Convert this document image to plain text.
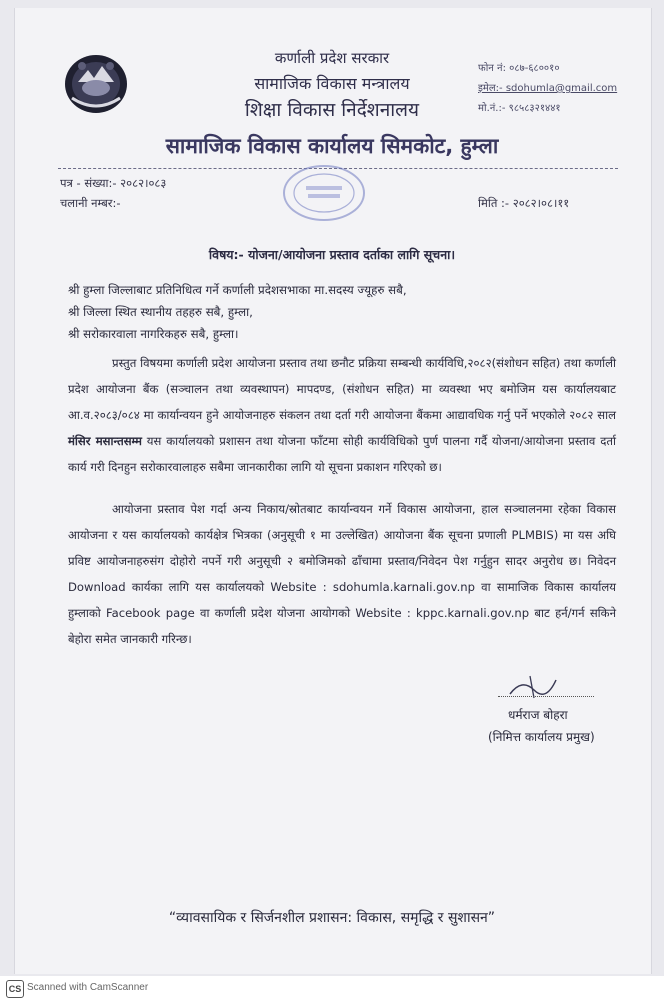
कर्णाली प्रदेश सरकार
सामाजिक विकास मन्त्रालय
शिक्षा विकास निर्देशनालय
सामाजिक विकास कार्यालय सिमकोट, हुम्ला
फोन नं: ०८७-६८००१०
इमेल:- sdohumla@gmail.com
मो.नं.:- ९८५८३२१४४१
पत्र - संख्या:- २०८२।०८३
चलानी नम्बर:-	मिति :- २०८२।०८।११
विषय:- योजना/आयोजना प्रस्ताव दर्ताका लागि सूचना।
श्री हुम्ला जिल्लाबाट प्रतिनिधित्व गर्ने कर्णाली प्रदेशसभाका मा.सदस्य ज्यूहरु सबै,
श्री जिल्ला स्थित स्थानीय तहहरु सबै, हुम्ला,
श्री सरोकारवाला नागरिकहरु सबै, हुम्ला।
प्रस्तुत विषयमा कर्णाली प्रदेश आयोजना प्रस्ताव तथा छनौट प्रक्रिया सम्बन्धी कार्यविधि,२०८२(संशोधन सहित) तथा कर्णाली प्रदेश आयोजना बैंक (सञ्चालन तथा व्यवस्थापन) मापदण्ड, (संशोधन सहित) मा व्यवस्था भए बमोजिम यस कार्यालयबाट आ.व.२०८३/०८४ मा कार्यान्वयन हुने आयोजनाहरु संकलन तथा दर्ता गरी आयोजना बैंकमा आद्यावधिक गर्नु पर्ने भएकोले २०८२ साल मंसिर मसान्तसम्म यस कार्यालयको प्रशासन तथा योजना फाँटमा सोही कार्यविधिको पुर्ण पालना गर्दै योजना/आयोजना प्रस्ताव दर्ता कार्य गरी दिनहुन सरोकारवालाहरु सबैमा जानकारीका लागि यो सूचना प्रकाशन गरिएको छ।
आयोजना प्रस्ताव पेश गर्दा अन्य निकाय/स्रोतबाट कार्यान्वयन गर्ने विकास आयोजना, हाल सञ्चालनमा रहेका विकास आयोजना र यस कार्यालयको कार्यक्षेत्र भित्रका (अनुसूची १ मा उल्लेखित) आयोजना बैंक सूचना प्रणाली PLMBIS) मा यस अघि प्रविष्ट आयोजनाहरुसंग दोहोरो नपर्ने गरी अनुसूची २ बमोजिमको ढाँचामा प्रस्ताव/निवेदन पेश गर्नुहुन सादर अनुरोध छ। निवेदन Download कार्यका लागि यस कार्यालयको Website : sdohumla.karnali.gov.np वा सामाजिक विकास कार्यालय हुम्लाको Facebook page वा कर्णाली प्रदेश योजना आयोगको Website : kppc.karnali.gov.np बाट हर्न/गर्न सकिने बेहोरा समेत जानकारी गरिन्छ।
धर्मराज बोहरा
(निमित्त कार्यालय प्रमुख)
“व्यावसायिक र सिर्जनशील प्रशासन: विकास, समृद्धि र सुशासन”
CS Scanned with CamScanner
